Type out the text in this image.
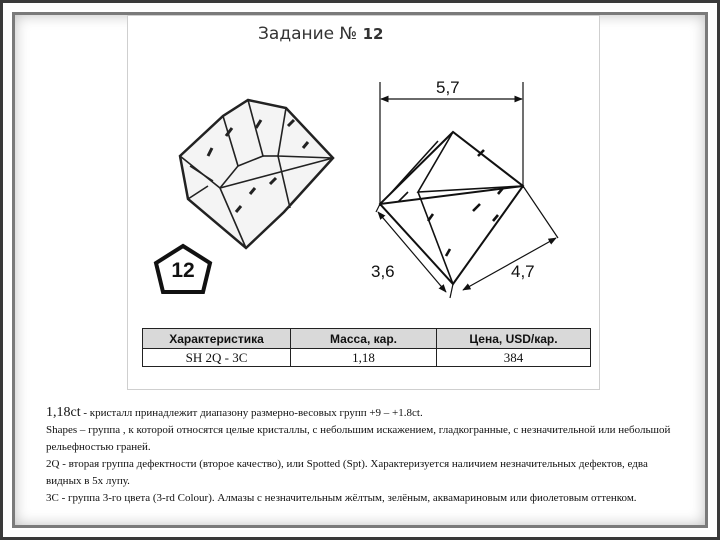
Задание № 12
5,7
3,6	4,7
12
Характеристика	Масса, кар.	Цена, USD/кар.
SH 2Q - 3C	1,18	384

1,18ct - кристалл принадлежит диапазону размерно-весовых групп +9 – +1.8ct.

Shapes – группа , к которой относятся целые кристаллы, с небольшим искажением, гладкогранные, с незначительной или небольшой рельефностью граней.

2Q - вторая группа дефектности (второе качество), или Spotted (Spt). Характеризуется наличием незначительных дефектов, едва видных в 5х лупу.

3C - группа 3-го цвета (3-rd Colour). Алмазы с незначительным жёлтым, зелёным, аквамариновым или фиолетовым оттенком.
